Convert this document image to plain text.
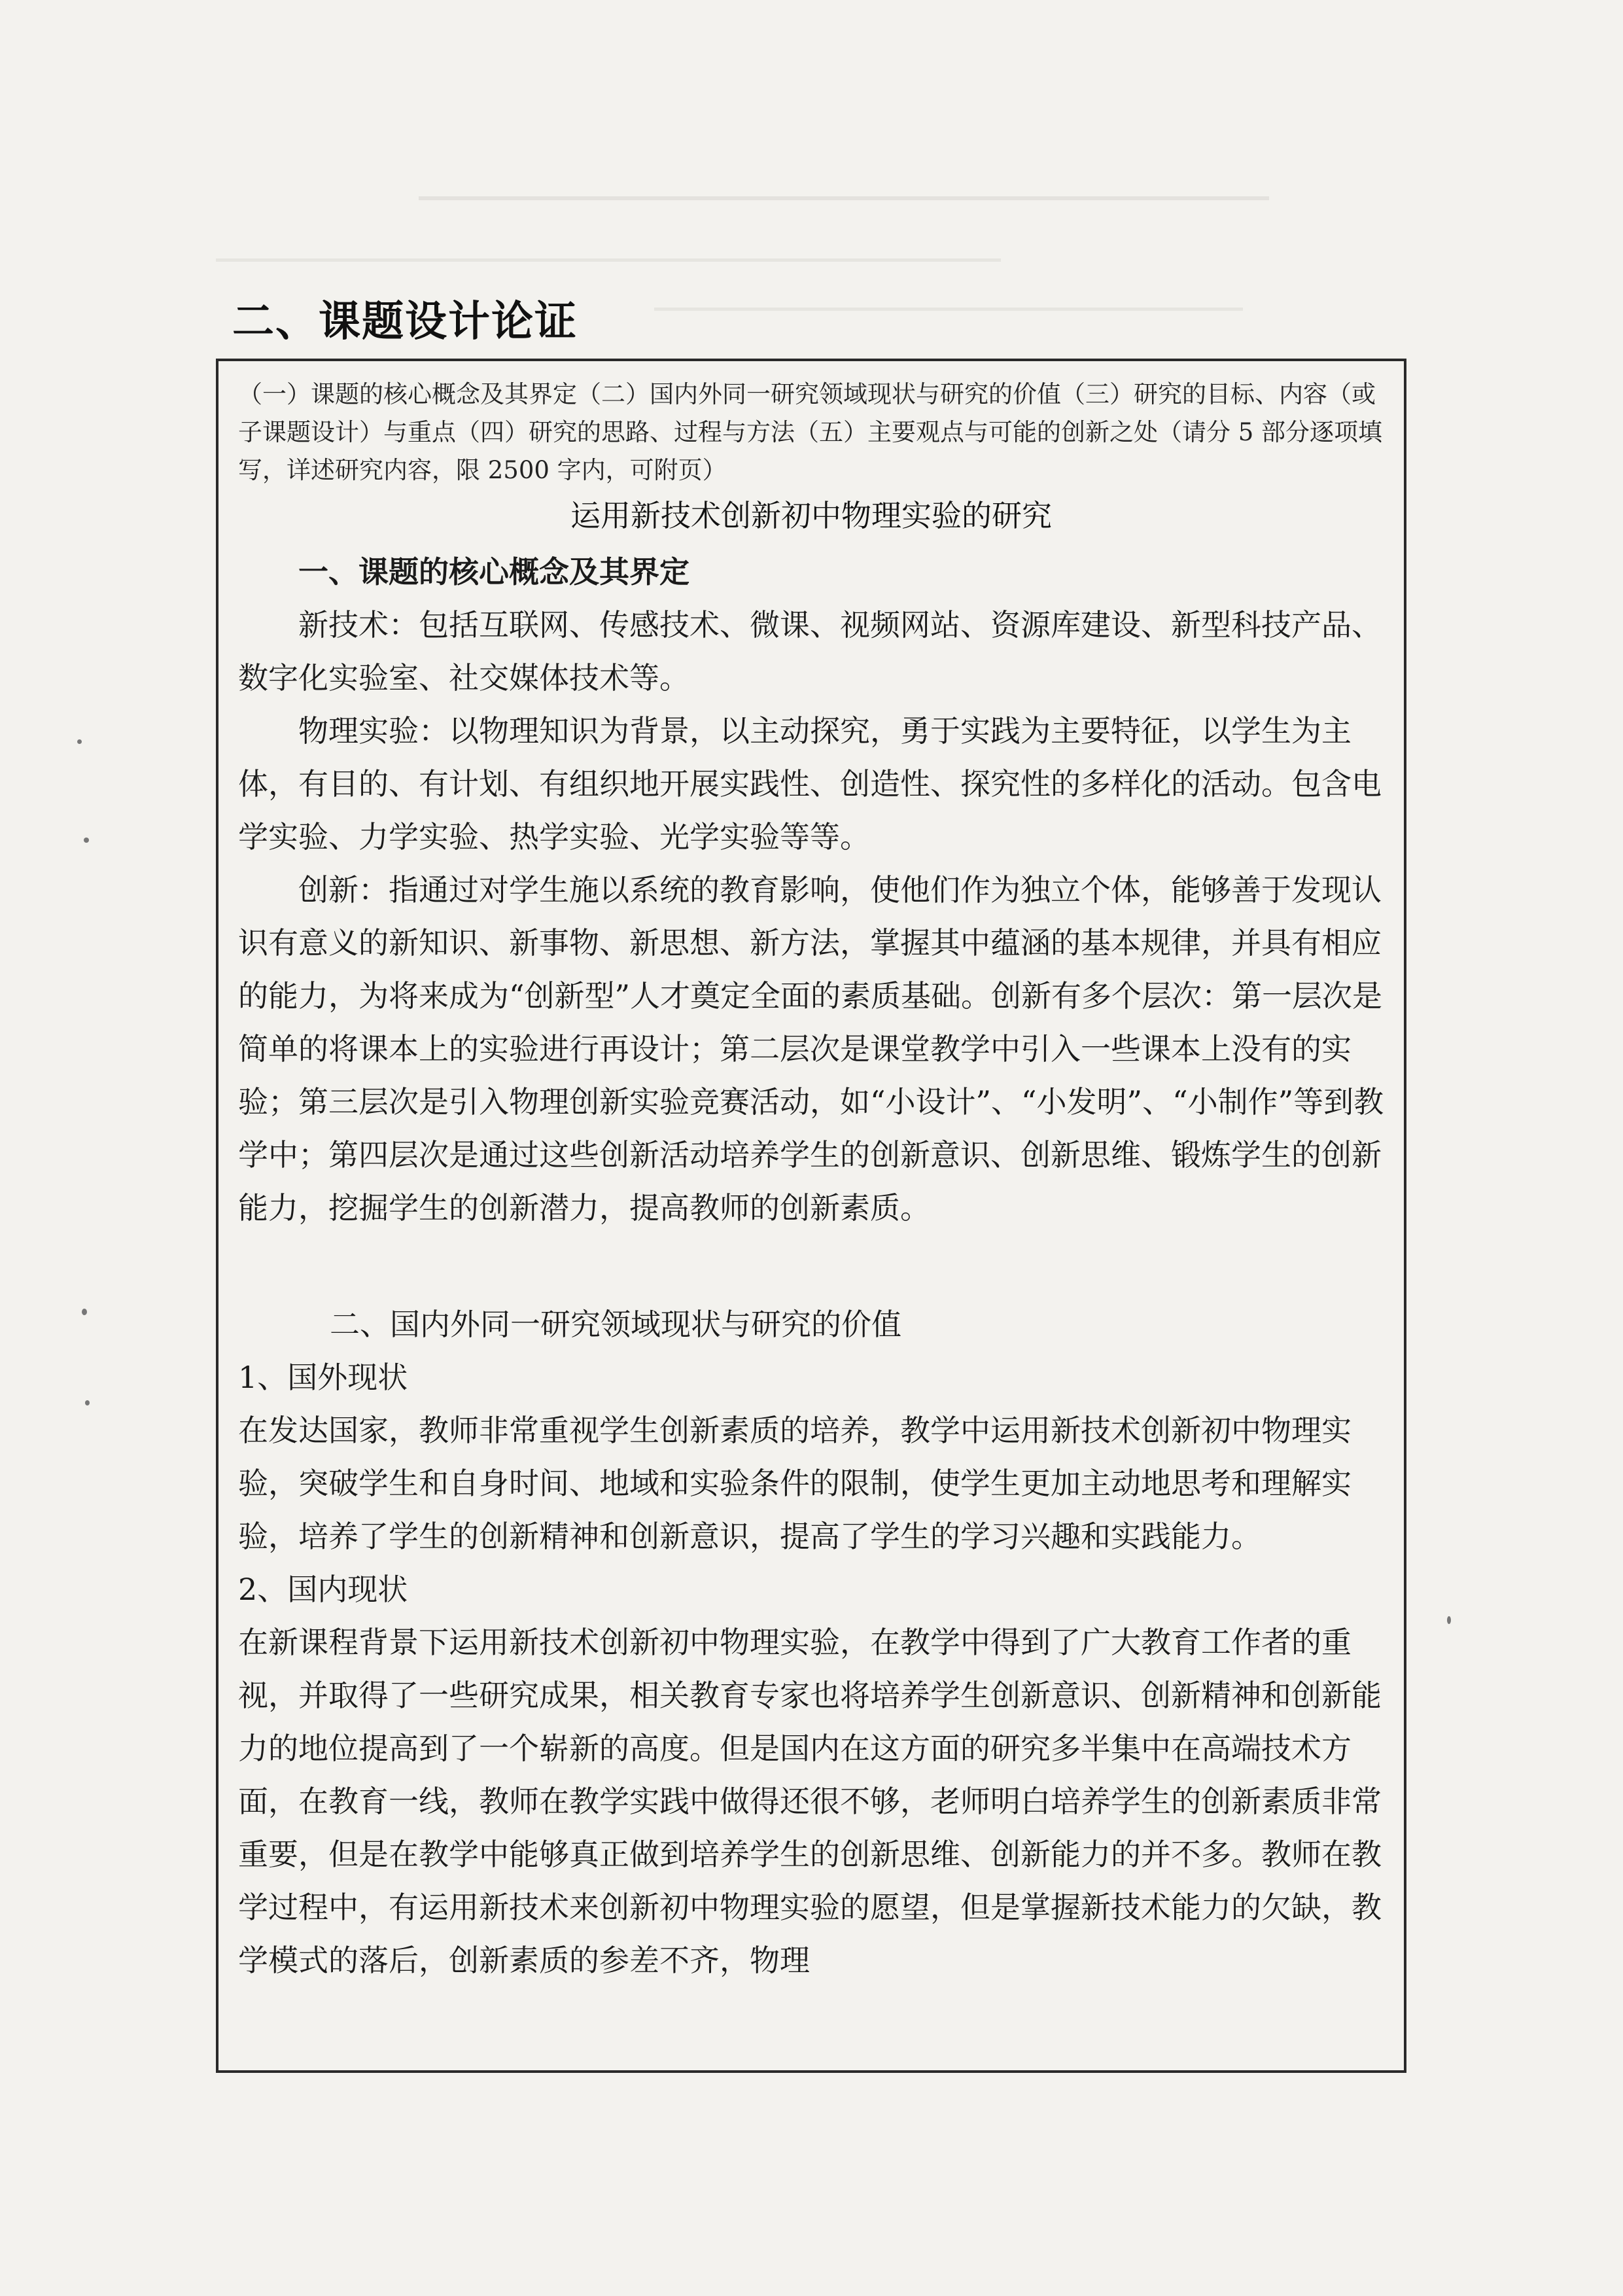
二、课题设计论证
（一）课题的核心概念及其界定（二）国内外同一研究领域现状与研究的价值（三）研究的目标、内容（或子课题设计）与重点（四）研究的思路、过程与方法（五）主要观点与可能的创新之处（请分 5 部分逐项填写，详述研究内容，限 2500 字内，可附页）
运用新技术创新初中物理实验的研究

一、课题的核心概念及其界定

新技术：包括互联网、传感技术、微课、视频网站、资源库建设、新型科技产品、数字化实验室、社交媒体技术等。

物理实验：以物理知识为背景，以主动探究，勇于实践为主要特征，以学生为主体，有目的、有计划、有组织地开展实践性、创造性、探究性的多样化的活动。包含电学实验、力学实验、热学实验、光学实验等等。

创新：指通过对学生施以系统的教育影响，使他们作为独立个体，能够善于发现认识有意义的新知识、新事物、新思想、新方法，掌握其中蕴涵的基本规律，并具有相应的能力，为将来成为“创新型”人才奠定全面的素质基础。创新有多个层次：第一层次是简单的将课本上的实验进行再设计；第二层次是课堂教学中引入一些课本上没有的实验；第三层次是引入物理创新实验竞赛活动，如“小设计”、“小发明”、“小制作”等到教学中；第四层次是通过这些创新活动培养学生的创新意识、创新思维、锻炼学生的创新能力，挖掘学生的创新潜力，提高教师的创新素质。

二、国内外同一研究领域现状与研究的价值

1、国外现状

在发达国家，教师非常重视学生创新素质的培养，教学中运用新技术创新初中物理实验，突破学生和自身时间、地域和实验条件的限制，使学生更加主动地思考和理解实验，培养了学生的创新精神和创新意识，提高了学生的学习兴趣和实践能力。

2、国内现状

在新课程背景下运用新技术创新初中物理实验，在教学中得到了广大教育工作者的重视，并取得了一些研究成果，相关教育专家也将培养学生创新意识、创新精神和创新能力的地位提高到了一个崭新的高度。但是国内在这方面的研究多半集中在高端技术方面，在教育一线，教师在教学实践中做得还很不够，老师明白培养学生的创新素质非常重要，但是在教学中能够真正做到培养学生的创新思维、创新能力的并不多。教师在教学过程中，有运用新技术来创新初中物理实验的愿望，但是掌握新技术能力的欠缺，教学模式的落后，创新素质的参差不齐，物理
